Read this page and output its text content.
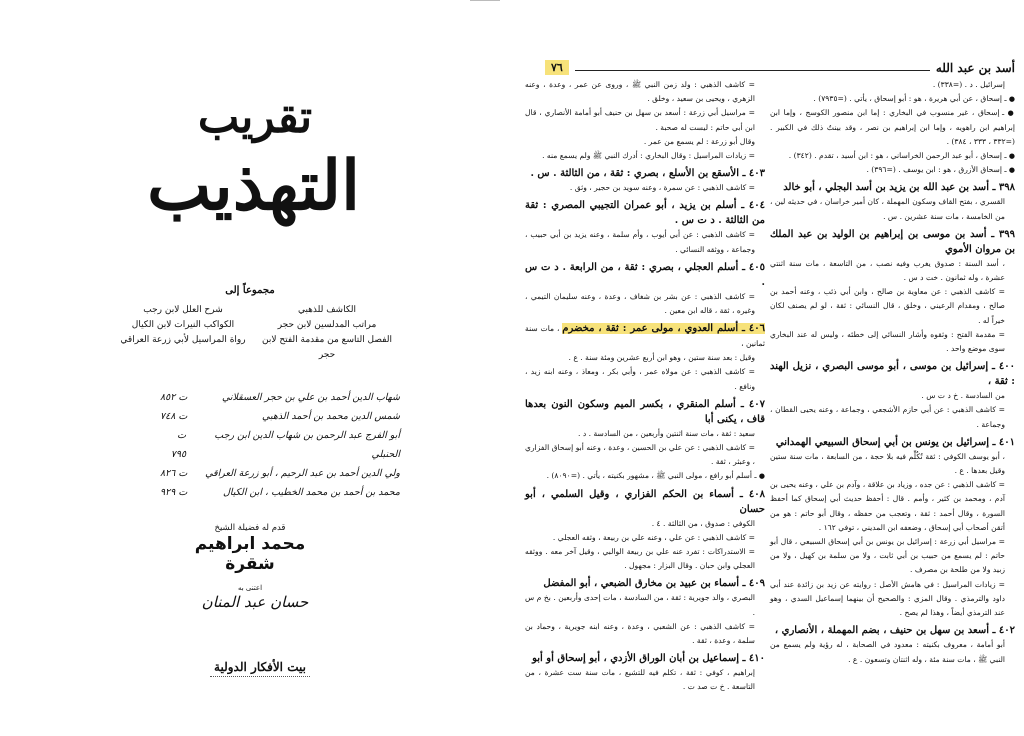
تقريب
التهذيب
مجموعاً إلى
الكاشف للذهبي
مراتب المدلسين لابن حجر
الفصل التاسع من مقدمة الفتح لابن حجر
شرح العلل لابن رجب
الكواكب النيرات لابن الكيال
رواة المراسيل لأبي زرعة العراقي
شهاب الدين أحمد بن علي بن حجر العسقلاني
ت ٨٥٢
شمس الدين محمد بن أحمد الذهبي
ت ٧٤٨
أبو الفرج عبد الرحمن بن شهاب الدين ابن رجب الحنبلي
ت ٧٩٥
ولي الدين أحمد بن عبد الرحيم ، أبو زرعة العراقي
ت ٨٢٦
محمد بن أحمد بن محمد الخطيب ، ابن الكيال
ت ٩٢٩
قدم له فضيلة الشيخ
محمد ابراهيم شقرة
اعتنى به
حسان عبد المنان
بيت الأفكار الدولية
أسد بن عبد الله
٧٦
إسرائيل . د . (=٣٣٨) .
● ـ إسحاق ، عن أبي هريرة ، هو : أبو إسحاق ، يأتي . (=٧٩٣٥) .
● ـ إسحاق ، غير منسوب في البخاري : إما ابن منصور الكوسج ، وإما ابن إبراهيم ابن راهويه ، وإما ابن إبراهيم بن نصر ، وقد بينتُ ذلك في الكبير . (=٣٣٢ ، ٣٣٣ ، ٣٨٤) .
● ـ إسحاق ، أبو عبد الرحمن الخراساني ، هو : ابن أسيد ، تقدم . (٣٤٢) .
● ـ إسحاق الأزرق ، هو : ابن يوسف . (=٣٩٦) .
٣٩٨ ـ أسد بن عبد الله بن يزيد بن أسد البجلي ، أبو خالد
القسري ، بفتح القاف وسكون المهملة ، كان أمير خراسان ، في حديثه لين ، من الخامسة ، مات سنة عشرين . س .
٣٩٩ ـ أسد بن موسى بن إبراهيم بن الوليد بن عبد الملك بن مروان الأموي
، أسد السنة : صدوق يغرب وفيه نصب ، من التاسعة ، مات سنة اثنتي عشرة ، وله ثمانون . خت د س .
= كاشف الذهبي : عن معاوية بن صالح ، وابن أبي ذئب ، وعنه أحمد بن صالح ، ومقدام الرعيني ، وخلق ، قال النسائي : ثقة ، لو لم يصنف لكان خيراً له .
= مقدمة الفتح : وثقوه وأشار النسائي إلى خطئه ، وليس له عند البخاري سوى موضع واحد .
٤٠٠ ـ إسرائيل بن موسى ، أبو موسى البصري ، نزيل الهند : ثقة ،
من السادسة . خ د ت س .
= كاشف الذهبي : عن أبي حازم الأشجعي ، وجماعة ، وعنه يحيى القطان ، وجماعة .
٤٠١ ـ إسرائيل بن يونس بن أبي إسحاق السبيعي الهمداني
، أبو يوسف الكوفي : ثقة تُكُلِّم فيه بلا حجة ، من السابعة ، مات سنة ستين وقيل بعدها . ع .
= كاشف الذهبي : عن جده ، وزياد بن علاقة ، وآدم بن علي ، وعنه يحيى بن آدم ، ومحمد بن كثير ، وأمم . قال : أحفظ حديث أبي إسحاق كما أحفظ السورة ، وقال أحمد : ثقة ، وتعجب من حفظه ، وقال أبو حاتم : هو من أتقن أصحاب أبي إسحاق ، وضعفه ابن المديني ، توفي ١٦٢ .
= مراسيل أبي زرعة : إسرائيل بن يونس بن أبي إسحاق السبيعي ، قال أبو حاتم : لم يسمع من حبيب بن أبي ثابت ، ولا من سلمة بن كهيل ، ولا من زبيد ولا من طلحة بن مصرف .
= زيادات المراسيل : في هامش الأصل : روايته عن زيد بن زائدة عند أبي داود والترمذي . وقال المزي : والصحيح أن بينهما إسماعيل السدي ، وهو عند الترمذي أيضاً ، وهذا لم يصح .
٤٠٢ ـ أسعد بن سهل بن حنيف ، بضم المهملة ، الأنصاري ،
أبو أمامة ، معروف بكنيته : معدود في الصحابة ، له رؤية ولم يسمع من النبي ﷺ ، مات سنة مئة ، وله اثنتان وتسعون . ع .
= كاشف الذهبي : ولد زمن النبي ﷺ ، وروى عن عمر ، وعدة ، وعنه الزهري ، ويحيى بن سعيد ، وخلق .
= مراسيل أبي زرعة : أسعد بن سهل بن حنيف أبو أمامة الأنصاري ، قال ابن أبي حاتم : ليست له صحبة .
وقال أبو زرعة : لم يسمع من عمر .
= زيادات المراسيل : وقال البخاري : أدرك النبي ﷺ ولم يسمع منه .
٤٠٣ ـ الأسقع بن الأسلع ، بصري : ثقة ، من الثالثة . س .
= كاشف الذهبي : عن سمرة ، وعنه سويد بن حجير ، وثق .
٤٠٤ ـ أسلم بن يزيد ، أبو عمران التجيبي المصري : ثقة من الثالثة . د ت س .
= كاشف الذهبي : عن أبي أيوب ، وأم سلمة ، وعنه يزيد بن أبي حبيب ، وجماعة ، ووثقه النسائي .
٤٠٥ ـ أسلم العجلي ، بصري : ثقة ، من الرابعة . د ت س .
= كاشف الذهبي : عن بشر بن شغاف ، وعدة ، وعنه سليمان التيمي ، وغيره ، ثقة ، قاله ابن معين .
٤٠٦ ـ أسلم العدوي ، مولى عمر : ثقة ، مخضرم ، مات سنة ثمانين ،
وقيل : بعد سنة ستين ، وهو ابن أربع عشرين ومئة سنة . ع .
= كاشف الذهبي : عن مولاه عمر ، وأبي بكر ، ومعاذ ، وعنه ابنه زيد ، ونافع .
٤٠٧ ـ أسلم المنقري ، بكسر الميم وسكون النون بعدها قاف ، يكنى أبا
سعيد : ثقة ، مات سنة اثنتين وأربعين ، من السادسة . د .
= كاشف الذهبي : عن علي بن الحسين ، وعدة ، وعنه أبو إسحاق الفزاري ، وعبثر ، ثقة .
● ـ أسلم أبو رافع ، مولى النبي ﷺ ، مشهور بكنيته ، يأتي . (=٨٠٩٠) .
٤٠٨ ـ أسماء بن الحكم الفزاري ، وقيل السلمي ، أبو حسان
الكوفي : صدوق ، من الثالثة . ٤ .
= كاشف الذهبي : عن علي ، وعنه علي بن ربيعة ، وثقه العجلي .
= الاستدراكات : تفرد عنه علي بن ربيعة الوالبي ، وقيل آخر معه . ووثقه العجلي وابن حبان . وقال البزار : مجهول .
٤٠٩ ـ أسماء بن عبيد بن مخارق الضبعي ، أبو المفضل
البصري ، والد جويرية : ثقة ، من السادسة ، مات إحدى وأربعين . بخ م س .
= كاشف الذهبي : عن الشعبي ، وعدة ، وعنه ابنه جويرية ، وحماد بن سلمة ، وعدة ، ثقة .
٤١٠ ـ إسماعيل بن أبان الوراق الأزدي ، أبو إسحاق أو أبو
إبراهيم ، كوفي : ثقة ، تكلم فيه للتشيع ، مات سنة ست عشرة ، من التاسعة . خ ت صد ت .
